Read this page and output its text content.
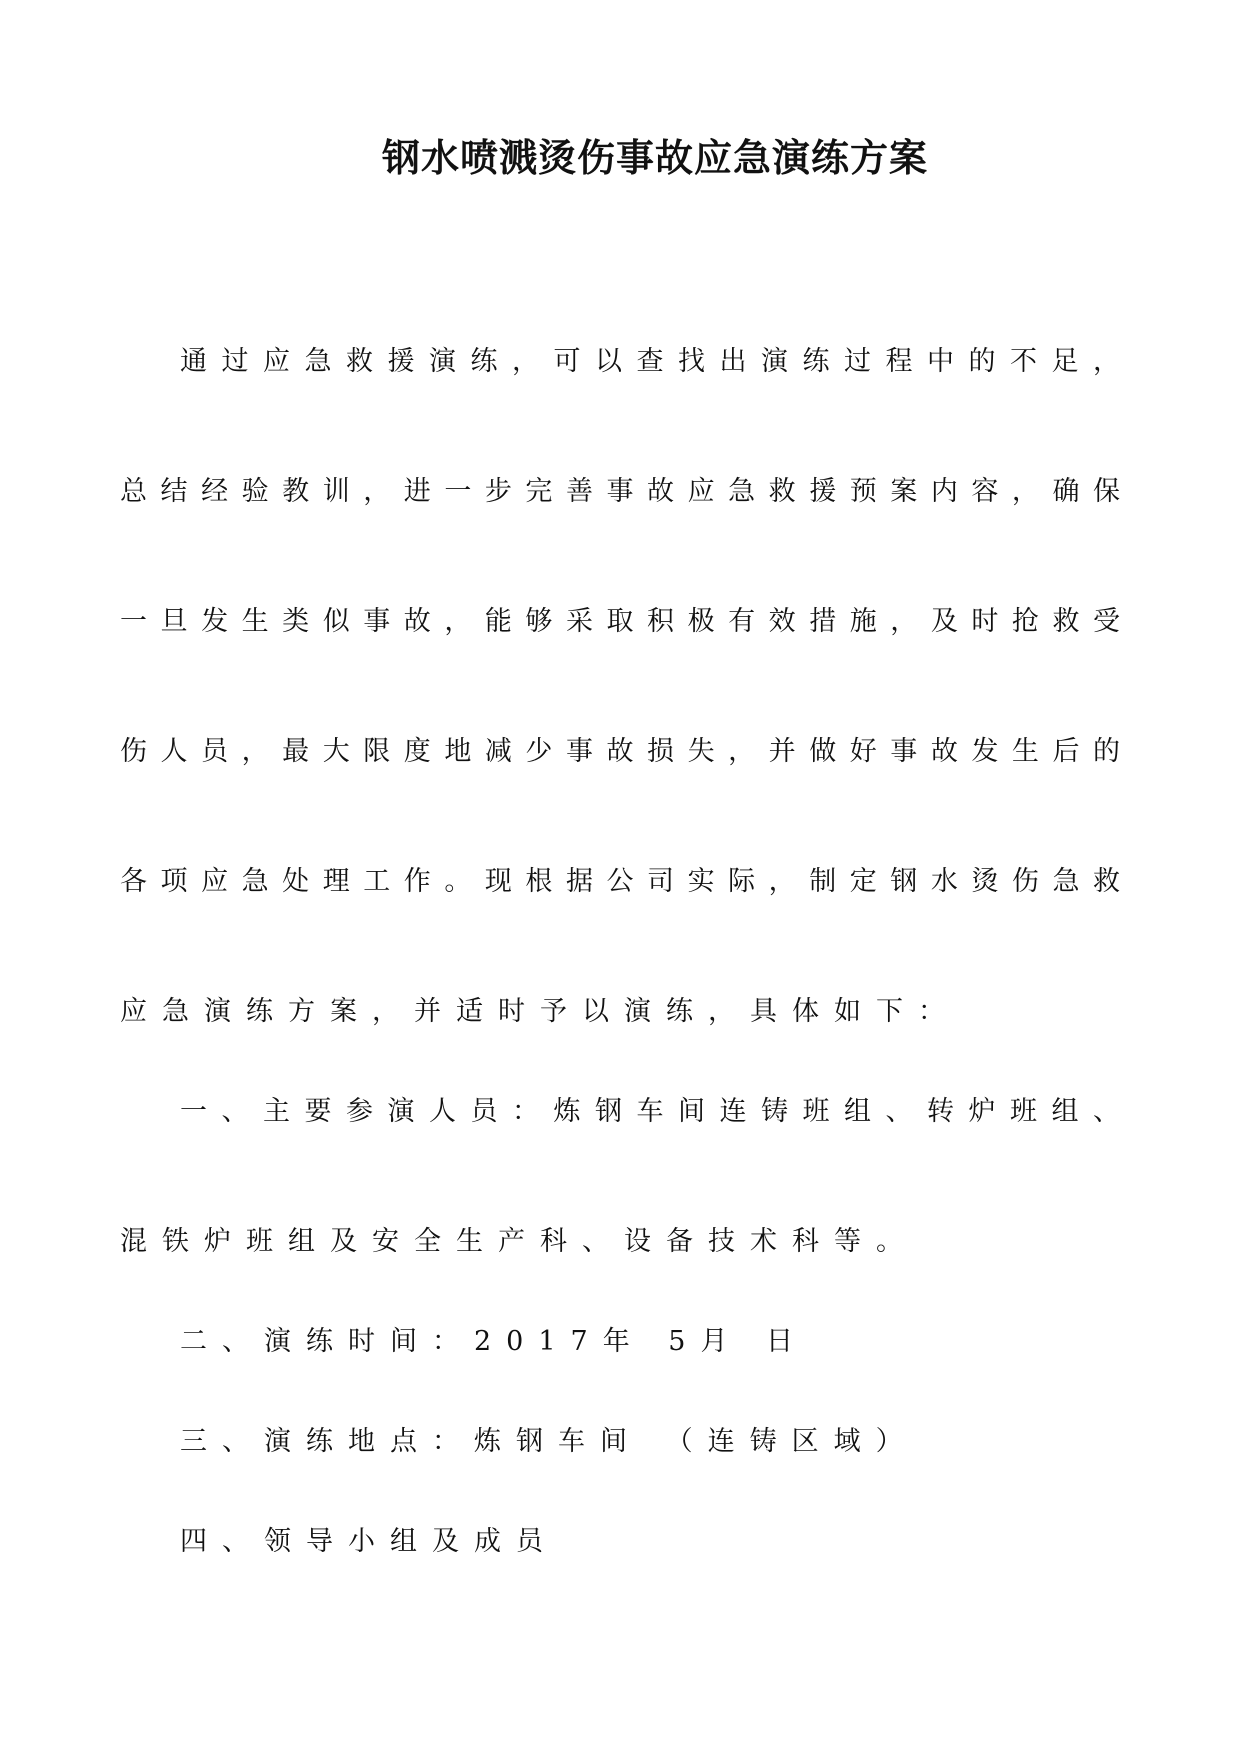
钢水喷溅烫伤事故应急演练方案
通 过 应 急 救 援 演 练 ， 可 以 查 找 出 演 练 过 程 中 的 不 足 ，
总 结 经 验 教 训 ， 进 一 步 完 善 事 故 应 急 救 援 预 案 内 容 ， 确 保
一 旦 发 生 类 似 事 故 ， 能 够 采 取 积 极 有 效 措 施 ， 及 时 抢 救 受
伤 人 员 ， 最 大 限 度 地 减 少 事 故 损 失 ， 并 做 好 事 故 发 生 后 的
各 项 应 急 处 理 工 作 。 现 根 据 公 司 实 际 ， 制 定 钢 水 烫 伤 急 救
应急演练方案，并适时予以演练，具体如下：
一 、 主 要 参 演 人 员 ： 炼 钢 车 间 连 铸 班 组 、 转 炉 班 组 、
混铁炉班组及安全生产科、设备技术科等。
二、演练时间：2017年 5月 日
三、演练地点：炼钢车间 （连铸区域）
四、领导小组及成员
